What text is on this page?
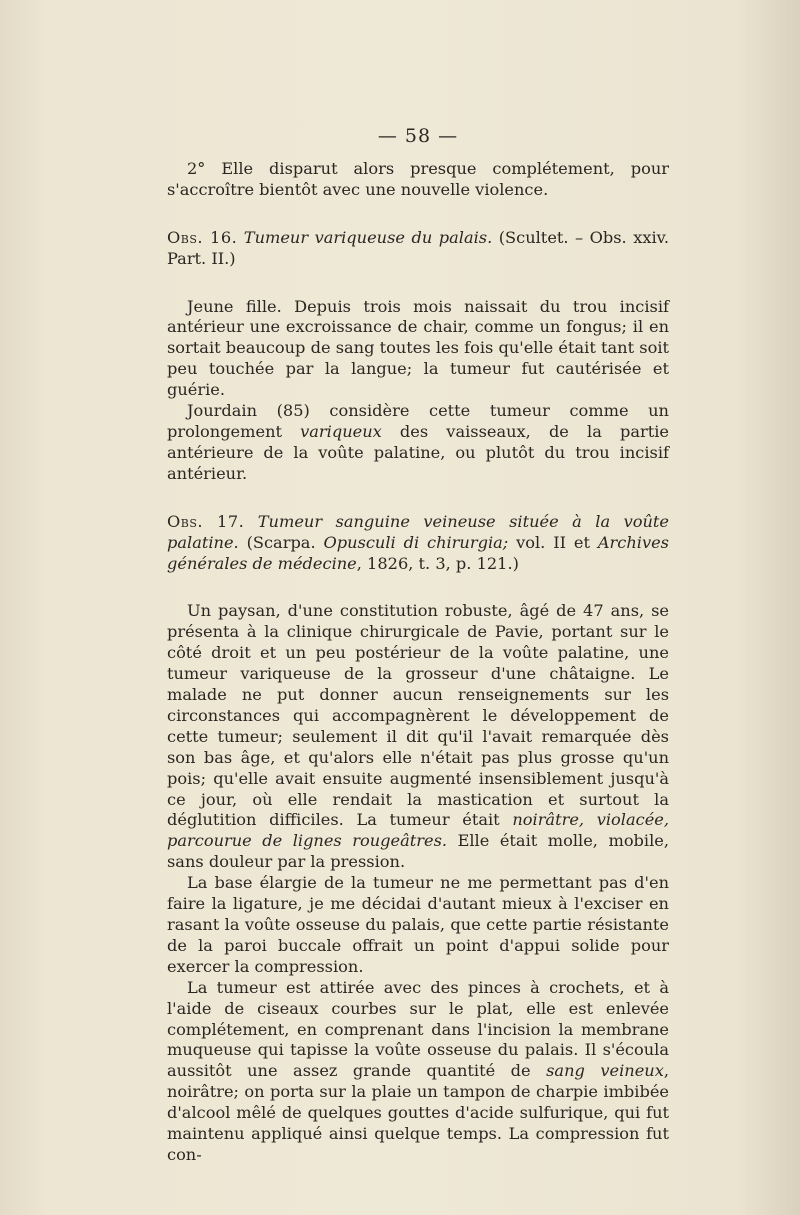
— 58 —

2° Elle disparut alors presque complétement, pour s'accroître bientôt avec une nouvelle violence.

Obs. 16. Tumeur variqueuse du palais. (Scultet. – Obs. xxiv. Part. II.)

Jeune fille. Depuis trois mois naissait du trou incisif antérieur une excroissance de chair, comme un fongus; il en sortait beaucoup de sang toutes les fois qu'elle était tant soit peu touchée par la langue; la tumeur fut cautérisée et guérie.

Jourdain (85) considère cette tumeur comme un prolongement variqueux des vaisseaux, de la partie antérieure de la voûte palatine, ou plutôt du trou incisif antérieur.

Obs. 17. Tumeur sanguine veineuse située à la voûte palatine. (Scarpa. Opusculi di chirurgia; vol. II et Archives générales de médecine, 1826, t. 3, p. 121.)

Un paysan, d'une constitution robuste, âgé de 47 ans, se présenta à la clinique chirurgicale de Pavie, portant sur le côté droit et un peu postérieur de la voûte palatine, une tumeur variqueuse de la grosseur d'une châtaigne. Le malade ne put donner aucun renseignements sur les circonstances qui accompagnèrent le développement de cette tumeur; seulement il dit qu'il l'avait remarquée dès son bas âge, et qu'alors elle n'était pas plus grosse qu'un pois; qu'elle avait ensuite augmenté insensiblement jusqu'à ce jour, où elle rendait la mastication et surtout la déglutition difficiles. La tumeur était noirâtre, violacée, parcourue de lignes rougeâtres. Elle était molle, mobile, sans douleur par la pression.

La base élargie de la tumeur ne me permettant pas d'en faire la ligature, je me décidai d'autant mieux à l'exciser en rasant la voûte osseuse du palais, que cette partie résistante de la paroi buccale offrait un point d'appui solide pour exercer la compression.

La tumeur est attirée avec des pinces à crochets, et à l'aide de ciseaux courbes sur le plat, elle est enlevée complétement, en comprenant dans l'incision la membrane muqueuse qui tapisse la voûte osseuse du palais. Il s'écoula aussitôt une assez grande quantité de sang veineux, noirâtre; on porta sur la plaie un tampon de charpie imbibée d'alcool mêlé de quelques gouttes d'acide sulfurique, qui fut maintenu appliqué ainsi quelque temps. La compression fut con-
